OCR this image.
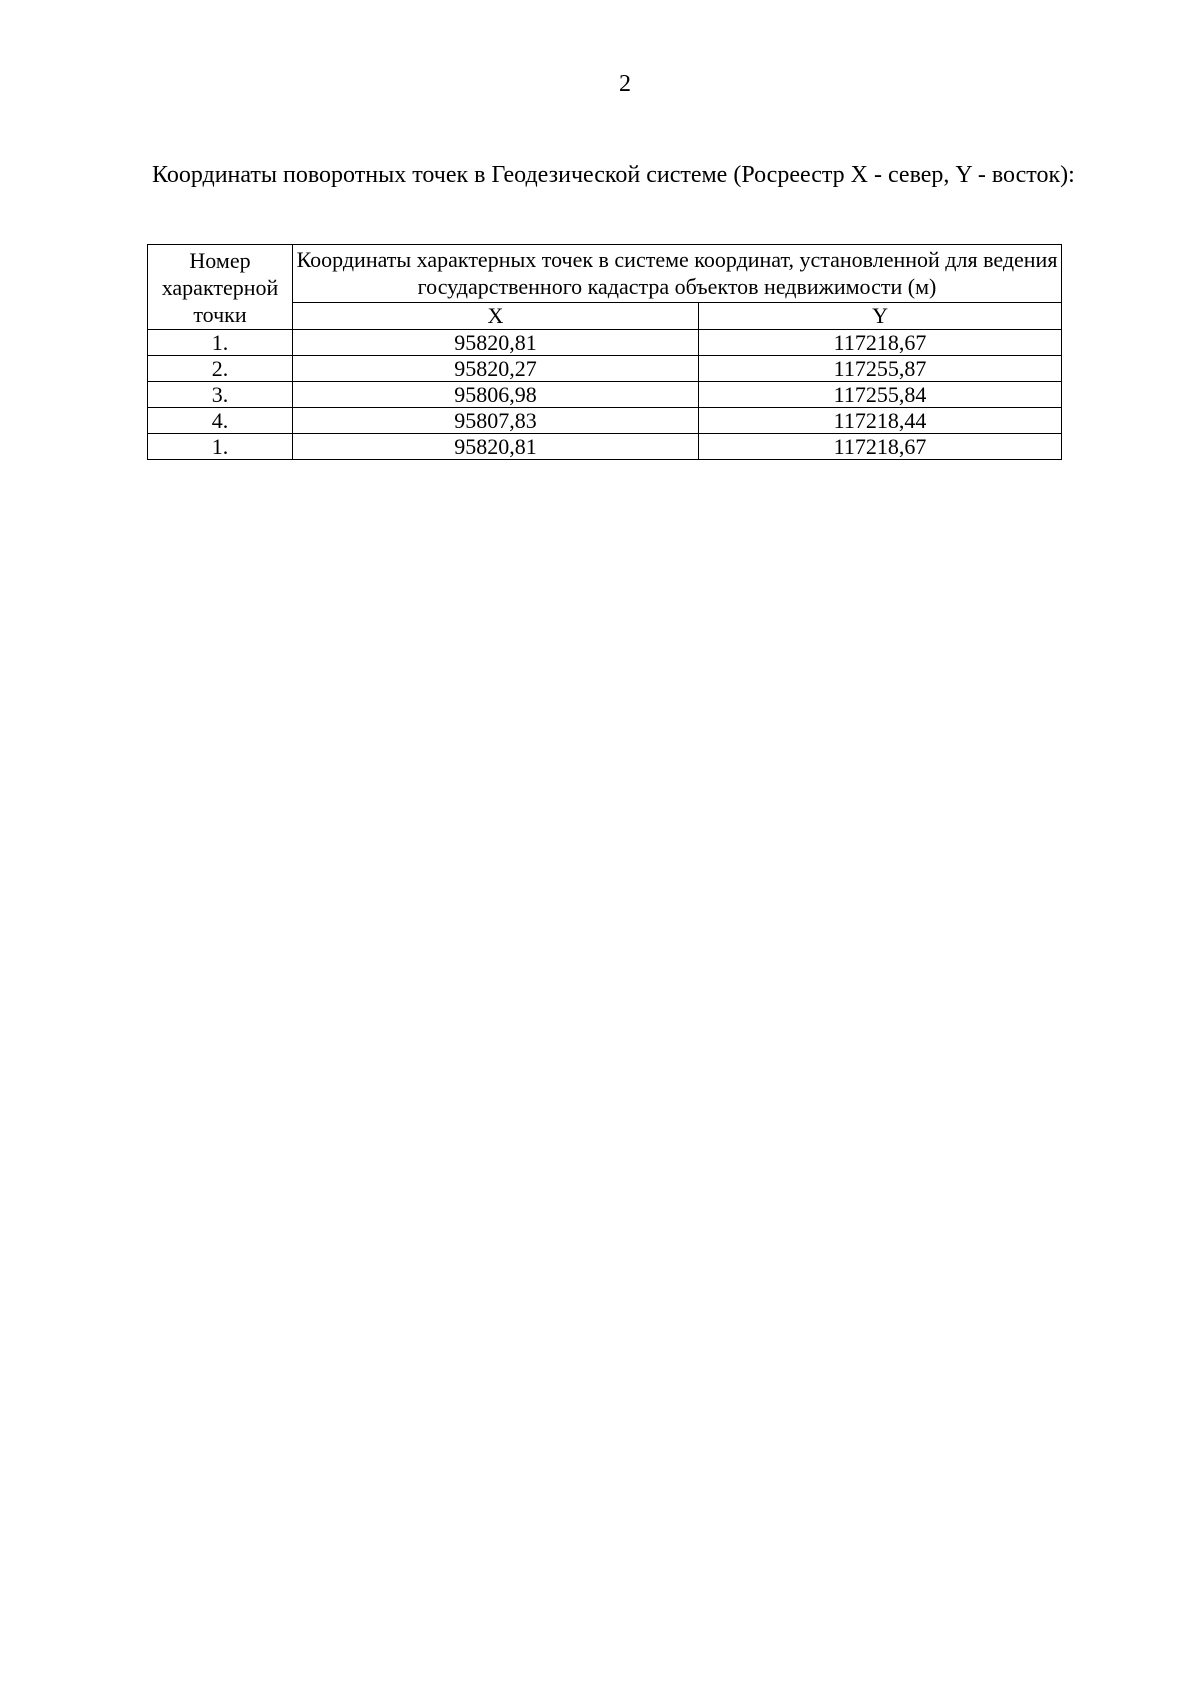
2
Координаты поворотных точек в Геодезической системе (Росреестр X - север, Y - восток):
Номер характерной точки	Координаты характерных точек в системе координат, установленной для ведения государственного кадастра объектов недвижимости (м)	
	X	Y
1.	95820,81	117218,67
2.	95820,27	117255,87
3.	95806,98	117255,84
4.	95807,83	117218,44
1.	95820,81	117218,67
